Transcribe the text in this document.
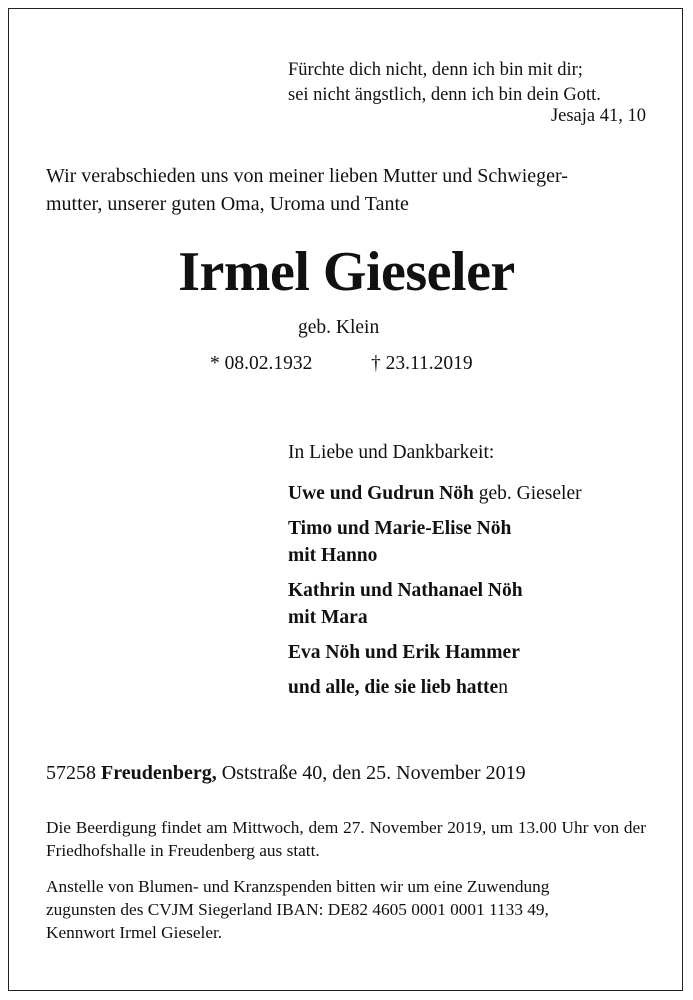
Fürchte dich nicht, denn ich bin mit dir;
sei nicht ängstlich, denn ich bin dein Gott.
Jesaja 41, 10
Wir verabschieden uns von meiner lieben Mutter und Schwieger-
mutter, unserer guten Oma, Uroma und Tante
Irmel Gieseler
geb. Klein
* 08.02.1932	† 23.11.2019
In Liebe und Dankbarkeit:
Uwe und Gudrun Nöh geb. Gieseler
Timo und Marie-Elise Nöh
mit Hanno
Kathrin und Nathanael Nöh
mit Mara
Eva Nöh und Erik Hammer
und alle, die sie lieb hatten
57258 Freudenberg, Oststraße 40, den 25. November 2019
Die Beerdigung findet am Mittwoch, dem 27. November 2019, um 13.00 Uhr von der Friedhofshalle in Freudenberg aus statt.
Anstelle von Blumen- und Kranzspenden bitten wir um eine Zuwendung
zugunsten des CVJM Siegerland IBAN: DE82 4605 0001 0001 1133 49,
Kennwort Irmel Gieseler.
